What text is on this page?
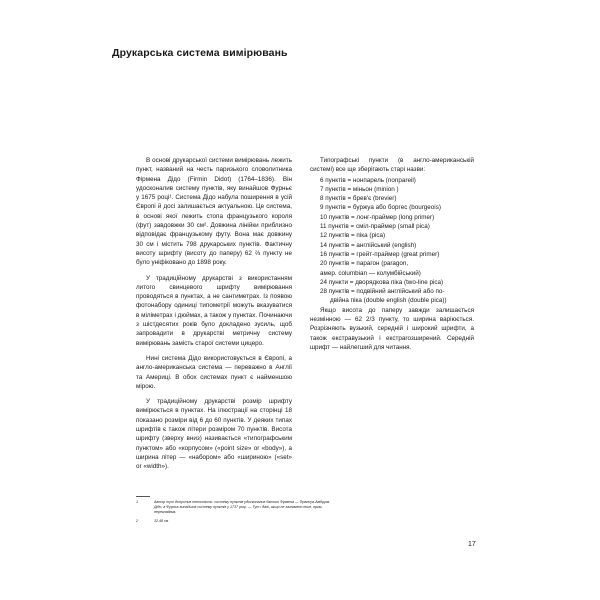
Друкарська система вимірювань

В основі друкарської системи вимірювань лежить пункт, названий на честь паризького словолитника Фірмена Дідо (Firmin Didot) (1764–1836). Він удосконалив систему пунктів, яку винайшов Фурньє у 1675 році¹. Система Дідо набула поширення в усій Європі й досі залишається актуальною. Це система, в основі якої лежить стопа французького короля (фут) завдовжки 30 см². Довжина лінійки приблизно відповідає французькому футу. Вона має довжину 30 см і містить 798 друкарських пунктів. Фактичну висоту шрифту (висоту до паперу) 62 ⅔ пункту не було уніфіковано до 1898 року.

У традиційному друкарстві з використанням литого свинцевого шрифту вимірювання проводяться в пунктах, а не сантиметрах. Із появою фотонабору одиниці типометрії можуть вказуватися в міліметрах і дюймах, а також у пунктах. Починаючи з шістдесятих років було докладено зусиль, щоб запровадити в друкарстві метричну систему вимірювань замість старої системи цицеро.

Нині система Дідо використовується в Європі, а англо-американська система — переважно в Англії та Америці. В обох системах пункт є найменшою мірою.

У традиційному друкарстві розмір шрифту вимірюється в пунктах. На ілюстрації на сторінці 18 показано розміри від 6 до 60 пунктів. У деяких типах шрифтів є також літери розміром 70 пунктів. Висота шрифту (зверху вниз) називається «типографським пунктом» або «корпусом» («point size» or «body»), а ширина літер — «набором» або «шириною» («set» or «width»).

Типографські пункти (в англо-американській системі) все ще зберігають старі назви:

6 пунктів = нонпарель (nonpareil)
7 пунктів = міньон (minion )
8 пунктів = брев'є (brevier)
9 пунктів = буржуа або боргес (bourgeois)
10 пунктів = лонг-праймер (long primer)
11 пунктів = сміл-праймер (small pica)
12 пунктів = піка (pica)
14 пунктів = англійський (english)
16 пунктів = грейт-праймер (great primer)
20 пунктів = парагон (paragon,
амер. columbian — колумбійський)
24 пункти = дворядкова піка (two-line pica)
28 пунктів = подвійний англійський або по-
двійна піка (double english (double pica))

Якщо висота до паперу завжди залишається незмінною — 62 2/3 пункту, то ширина варіюється. Розрізняють вузький, середній і широкий шрифти, а також екстравузький і екстраrозширений. Середній шрифт — найлегший для читання.

1	Автор тут допустив неточність: систему пунктів удосконалив батько Фірмена — Франсуа-Амбруаз Дідо, а Фурньє винайшов систему пунктів у 1737 році. — Тут і далі, якщо не зазначено інше, прим. перекладача.
2	32,48 см
17
